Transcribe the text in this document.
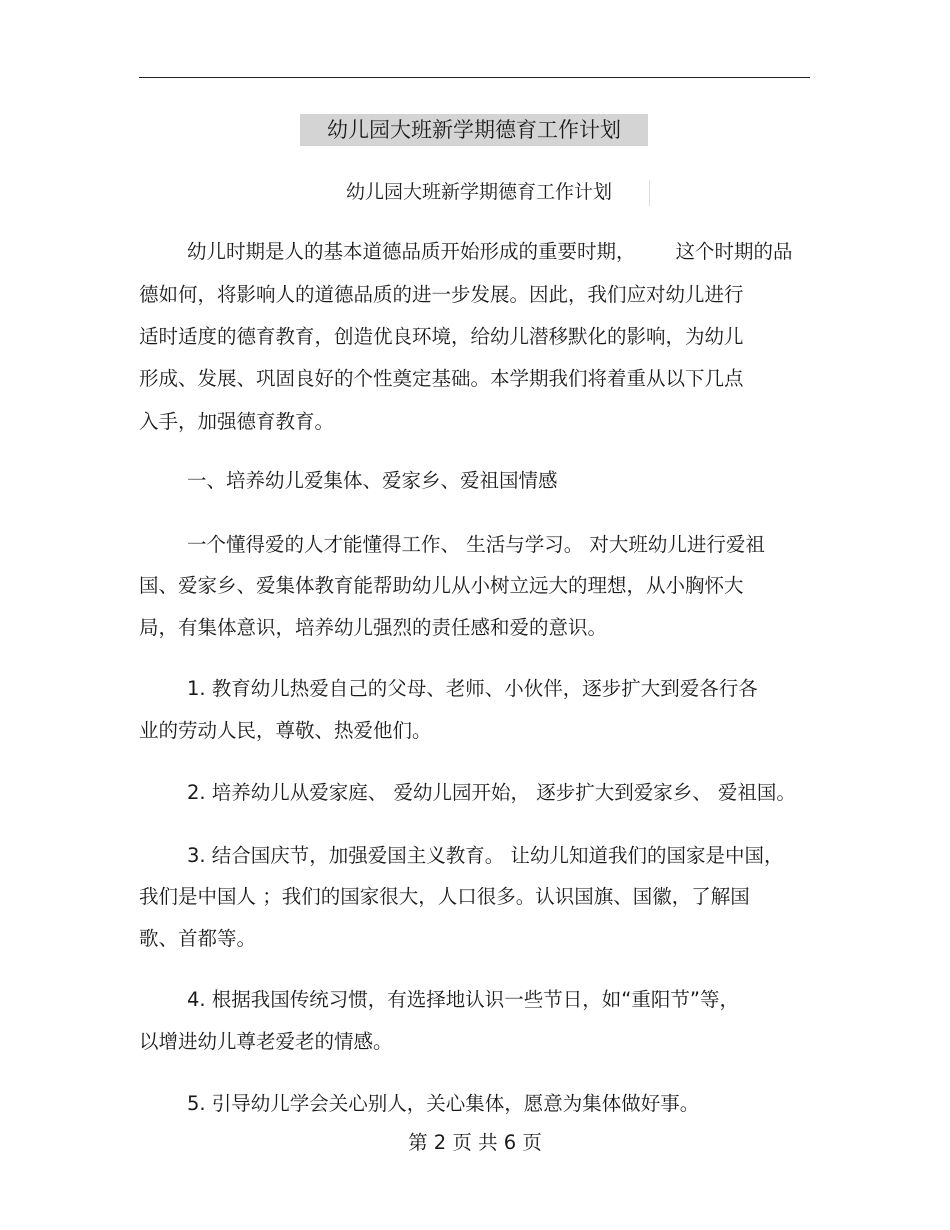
幼儿园大班新学期德育工作计划
幼儿园大班新学期德育工作计划
幼儿时期是人的基本道德品质开始形成的重要时期， 这个时期的品
德如何，将影响人的道德品质的进一步发展。因此，我们应对幼儿进行
适时适度的德育教育，创造优良环境，给幼儿潜移默化的影响，为幼儿
形成、发展、巩固良好的个性奠定基础。本学期我们将着重从以下几点
入手，加强德育教育。
一、培养幼儿爱集体、爱家乡、爱祖国情感
一个懂得爱的人才能懂得工作、 生活与学习。 对大班幼儿进行爱祖
国、爱家乡、爱集体教育能帮助幼儿从小树立远大的理想，从小胸怀大
局，有集体意识，培养幼儿强烈的责任感和爱的意识。
1. 教育幼儿热爱自己的父母、老师、小伙伴，逐步扩大到爱各行各
业的劳动人民，尊敬、热爱他们。
2. 培养幼儿从爱家庭、 爱幼儿园开始， 逐步扩大到爱家乡、 爱祖国。
3. 结合国庆节，加强爱国主义教育。 让幼儿知道我们的国家是中国，
我们是中国人 ；我们的国家很大，人口很多。认识国旗、国徽，了解国
歌、首都等。
4. 根据我国传统习惯，有选择地认识一些节日，如“重阳节”等，
以增进幼儿尊老爱老的情感。
5. 引导幼儿学会关心别人，关心集体，愿意为集体做好事。
第 2 页 共 6 页
